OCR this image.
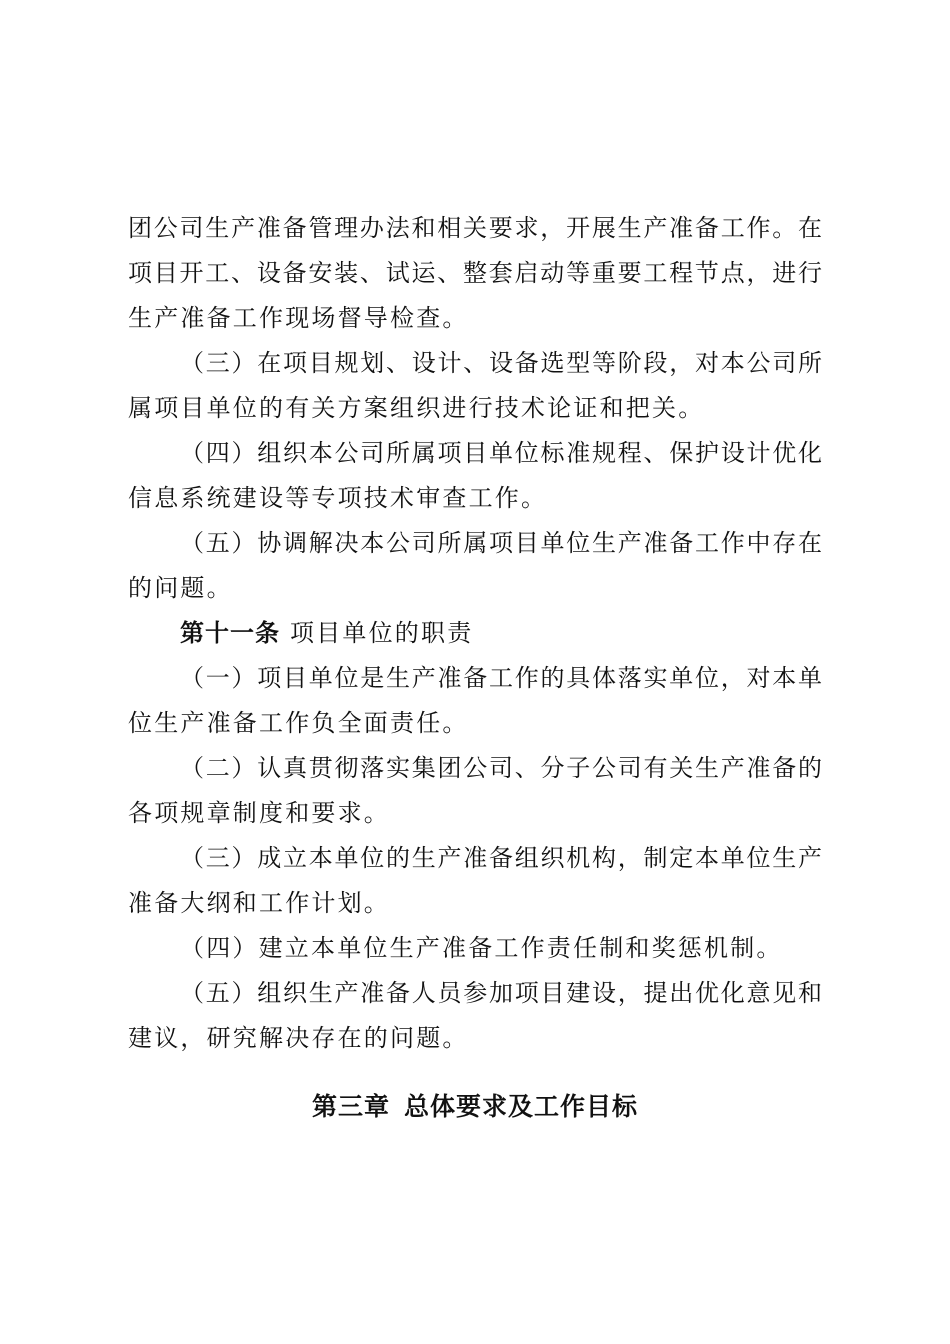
团公司生产准备管理办法和相关要求，开展生产准备工作。在
项目开工、设备安装、试运、整套启动等重要工程节点，进行
生产准备工作现场督导检查。
（三）在项目规划、设计、设备选型等阶段，对本公司所
属项目单位的有关方案组织进行技术论证和把关。
（四）组织本公司所属项目单位标准规程、保护设计优化
信息系统建设等专项技术审查工作。
（五）协调解决本公司所属项目单位生产准备工作中存在
的问题。
第十一条 项目单位的职责
（一）项目单位是生产准备工作的具体落实单位，对本单
位生产准备工作负全面责任。
（二）认真贯彻落实集团公司、分子公司有关生产准备的
各项规章制度和要求。
（三）成立本单位的生产准备组织机构，制定本单位生产
准备大纲和工作计划。
（四）建立本单位生产准备工作责任制和奖惩机制。
（五）组织生产准备人员参加项目建设，提出优化意见和
建议，研究解决存在的问题。
第三章 总体要求及工作目标
